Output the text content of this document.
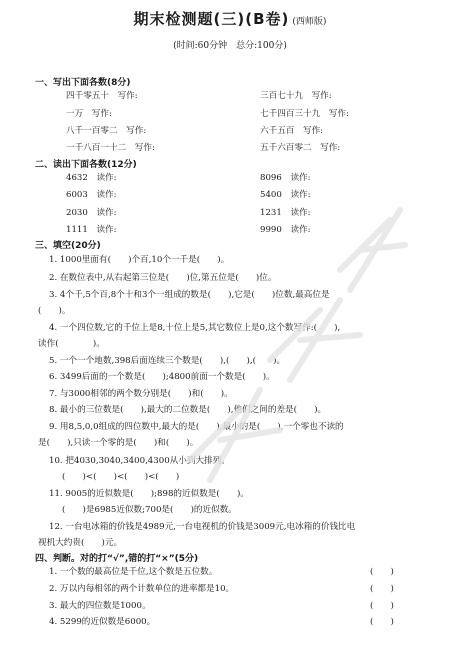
期末检测题(三)(B卷) (西师版)
(时间:60分钟　总分:100分)
一、写出下面各数(8分)
四千零五十　写作:
一万　写作:
八千一百零二　写作:
一千八百一十二　写作:
三百七十九　写作:
七千四百三十九　写作:
六千五百　写作:
五千六百零二　写作:
二、读出下面各数(12分)
4632　读作:
6003　读作:
2030　读作:
1111　读作:
8096　读作:
5400　读作:
1231　读作:
9990　读作:
三、填空(20分)
1. 1000里面有(　　)个百,10个一千是(　　)。
2. 在数位表中,从右起第三位是(　　)位,第五位是(　　)位。
3. 4个千,5个百,8个十和3个一组成的数是(　　),它是(　　)位数,最高位是
(　　)。
4. 一个四位数,它的千位上是8,十位上是5,其它数位上是0,这个数写作:(　　),
读作(　　　　)。
5. 一个一个地数,398后面连续三个数是(　　),(　　),(　　)。
6. 3499后面的一个数是(　　);4800前面一个数是(　　)。
7. 与3000相邻的两个数分别是(　　)和(　　)。
8. 最小的三位数是(　　),最大的二位数是(　　),他们之间的差是(　　)。
9. 用8,5,0,0组成的四位数中,最大的是(　　),最小的是(　　),一个零也不读的
是(　　),只读一个零的是(　　)和(　　)。
10. 把4030,3040,3400,4300从小到大排列。
(　　)<(　　)<(　　)<(　　)
11. 9005的近似数是(　　);898的近似数是(　　)。
(　　)是6985近似数;700是(　　)的近似数。
12. 一台电冰箱的价钱是4989元,一台电视机的价钱是3009元,电冰箱的价钱比电
视机大约贵(　　)元。
四、判断。对的打“√”,错的打“×”(5分)
1. 一个数的最高位是千位,这个数是五位数。
2. 万以内每相邻的两个计数单位的进率都是10。
3. 最大的四位数是1000。
4. 5299的近似数是6000。
(　　)
(　　)
(　　)
(　　)
